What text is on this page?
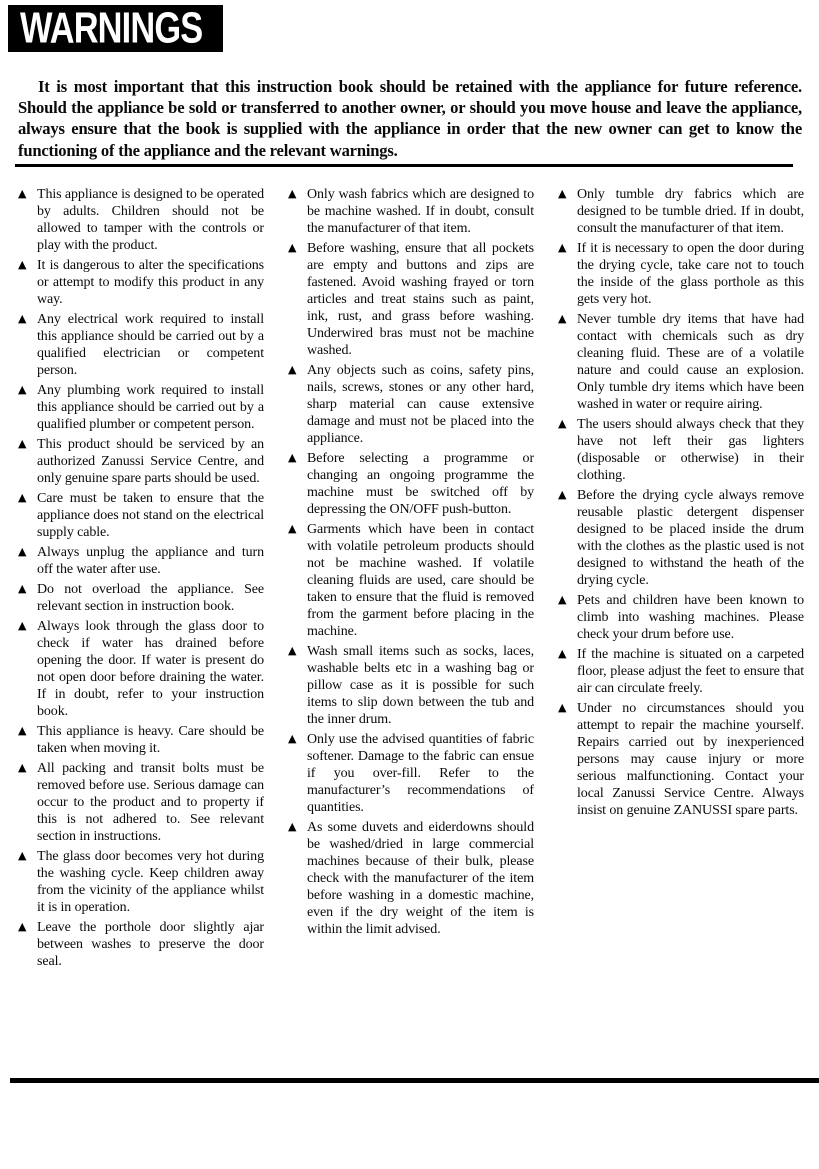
WARNINGS

It is most important that this instruction book should be retained with the appliance for future reference. Should the appliance be sold or transferred to another owner, or should you move house and leave the appliance, always ensure that the book is supplied with the appliance in order that the new owner can get to know the functioning of the appliance and the relevant warnings.

▲ This appliance is designed to be operated by adults. Children should not be allowed to tamper with the controls or play with the product.
▲ It is dangerous to alter the specifications or attempt to modify this product in any way.
▲ Any electrical work required to install this appliance should be carried out by a qualified electrician or competent person.
▲ Any plumbing work required to install this appliance should be carried out by a qualified plumber or competent person.
▲ This product should be serviced by an authorized Zanussi Service Centre, and only genuine spare parts should be used.
▲ Care must be taken to ensure that the appliance does not stand on the electrical supply cable.
▲ Always unplug the appliance and turn off the water after use.
▲ Do not overload the appliance. See relevant section in instruction book.
▲ Always look through the glass door to check if water has drained before opening the door. If water is present do not open door before draining the water. If in doubt, refer to your instruction book.
▲ This appliance is heavy. Care should be taken when moving it.
▲ All packing and transit bolts must be removed before use. Serious damage can occur to the product and to property if this is not adhered to. See relevant section in instructions.
▲ The glass door becomes very hot during the washing cycle. Keep children away from the vicinity of the appliance whilst it is in operation.
▲ Leave the porthole door slightly ajar between washes to preserve the door seal.
▲ Only wash fabrics which are designed to be machine washed. If in doubt, consult the manufacturer of that item.
▲ Before washing, ensure that all pockets are empty and buttons and zips are fastened. Avoid washing frayed or torn articles and treat stains such as paint, ink, rust, and grass before washing. Underwired bras must not be machine washed.
▲ Any objects such as coins, safety pins, nails, screws, stones or any other hard, sharp material can cause extensive damage and must not be placed into the appliance.
▲ Before selecting a programme or changing an ongoing programme the machine must be switched off by depressing the ON/OFF push-button.
▲ Garments which have been in contact with volatile petroleum products should not be machine washed. If volatile cleaning fluids are used, care should be taken to ensure that the fluid is removed from the garment before placing in the machine.
▲ Wash small items such as socks, laces, washable belts etc in a washing bag or pillow case as it is possible for such items to slip down between the tub and the inner drum.
▲ Only use the advised quantities of fabric softener. Damage to the fabric can ensue if you over-fill. Refer to the manufacturer’s recommendations of quantities.
▲ As some duvets and eiderdowns should be washed/dried in large commercial machines because of their bulk, please check with the manufacturer of the item before washing in a domestic machine, even if the dry weight of the item is within the limit advised.
▲ Only tumble dry fabrics which are designed to be tumble dried. If in doubt, consult the manufacturer of that item.
▲ If it is necessary to open the door during the drying cycle, take care not to touch the inside of the glass porthole as this gets very hot.
▲ Never tumble dry items that have had contact with chemicals such as dry cleaning fluid. These are of a volatile nature and could cause an explosion. Only tumble dry items which have been washed in water or require airing.
▲ The users should always check that they have not left their gas lighters (disposable or otherwise) in their clothing.
▲ Before the drying cycle always remove reusable plastic detergent dispenser designed to be placed inside the drum with the clothes as the plastic used is not designed to withstand the heath of the drying cycle.
▲ Pets and children have been known to climb into washing machines. Please check your drum before use.
▲ If the machine is situated on a carpeted floor, please adjust the feet to ensure that air can circulate freely.
▲ Under no circumstances should you attempt to repair the machine yourself. Repairs carried out by inexperienced persons may cause injury or more serious malfunctioning. Contact your local Zanussi Service Centre. Always insist on genuine ZANUSSI spare parts.
